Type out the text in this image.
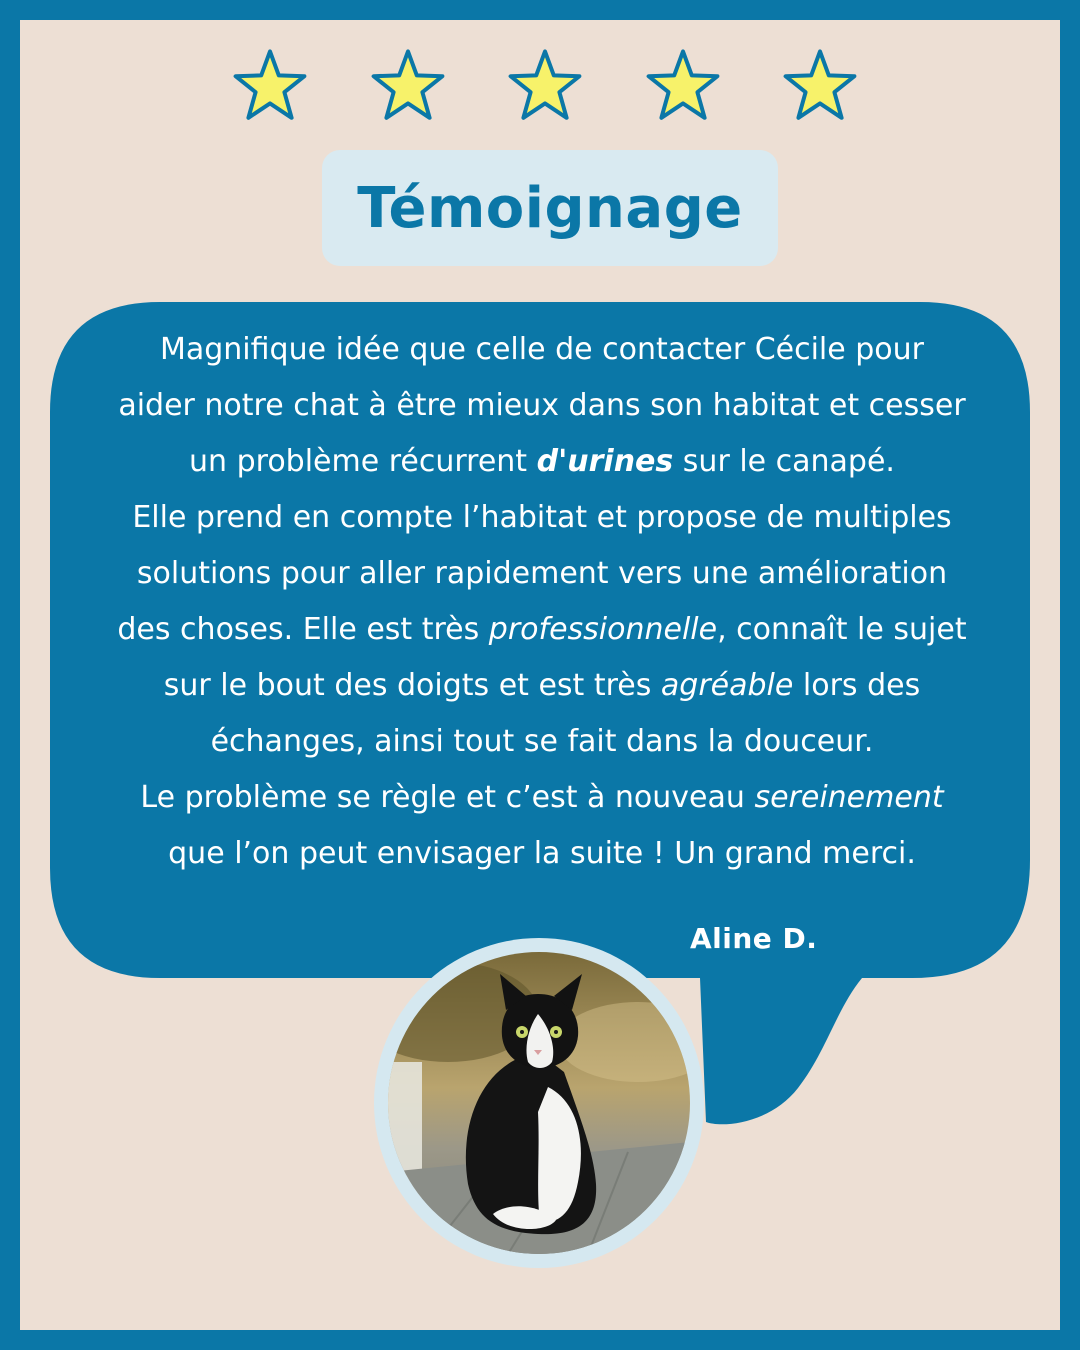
Témoignage
Magnifique idée que celle de contacter Cécile pour
aider notre chat à être mieux dans son habitat et cesser
un problème récurrent d'urines sur le canapé.
Elle prend en compte l’habitat et propose de multiples
solutions pour aller rapidement vers une amélioration
des choses. Elle est très professionnelle, connaît le sujet
sur le bout des doigts et est très agréable lors des
échanges, ainsi tout se fait dans la douceur.
Le problème se règle et c’est à nouveau sereinement
que l’on peut envisager la suite ! Un grand merci.
Aline D.
